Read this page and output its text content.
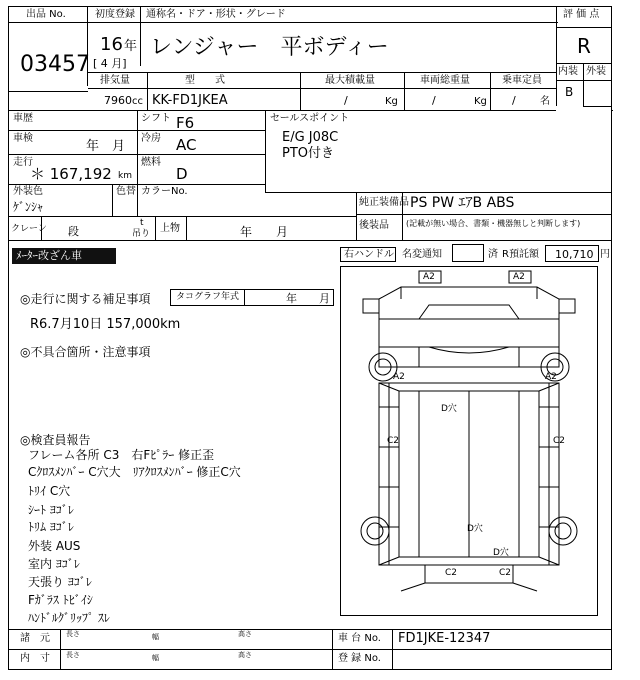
出品 No.
03457
初度登録
16 年
[ 4 月]
通称名・ドア・形状・グレード
レンジャー　平ボディー
評 価 点
R
内装 外装
B
排気量
7960 cc
型　　式
KK-FD1JKEA
最大積載量
/	Kg
車両総重量
/	Kg
乗車定員
/ 名
車歴	シフト F6
車検
年　月
冷房 AC
走行
＊ 167,192 km
燃料
D
外装色
ｹﾞﾝｼｬ
色替 カラーNo.
クレーン 段
t
吊り 上物	年　　月
セールスポイント
E/G J08C
PTO付き
純正装備品 PS PW ｴｱB ABS
後装品 (記載が無い場合、書類・機器無しと判断します)
ﾒｰﾀｰ改ざん車	右ハンドル 名変通知	済 R預託額 10,710 円
◎走行に関する補足事項	タコグラフ年式	年　　月
R6.7月10日 157,000km
◎不具合箇所・注意事項
◎検査員報告
フレーム各所 C3　右Fﾋﾟﾗｰ 修正歪
Cｸﾛｽﾒﾝﾊﾞｰ C穴大　ﾘｱｸﾛｽﾒﾝﾊﾞｰ 修正C穴
ﾄﾘｲ C穴
ｼｰﾄ ﾖｺﾞﾚ
ﾄﾘﾑ ﾖｺﾞﾚ
外装 AUS
室内 ﾖｺﾞﾚ
天張り ﾖｺﾞﾚ
Fｶﾞﾗｽ ﾄﾋﾞｲｼ
ﾊﾝﾄﾞﾙｸﾞﾘｯﾌﾟ ｽﾚ
A2	A2
A2	A2
D穴
C2	C2
D穴
D穴
C2	C2
諸　元
内　寸
長さ	幅	高さ
長さ	幅	高さ
車 台 No. FD1JKE-12347
登 録 No.
